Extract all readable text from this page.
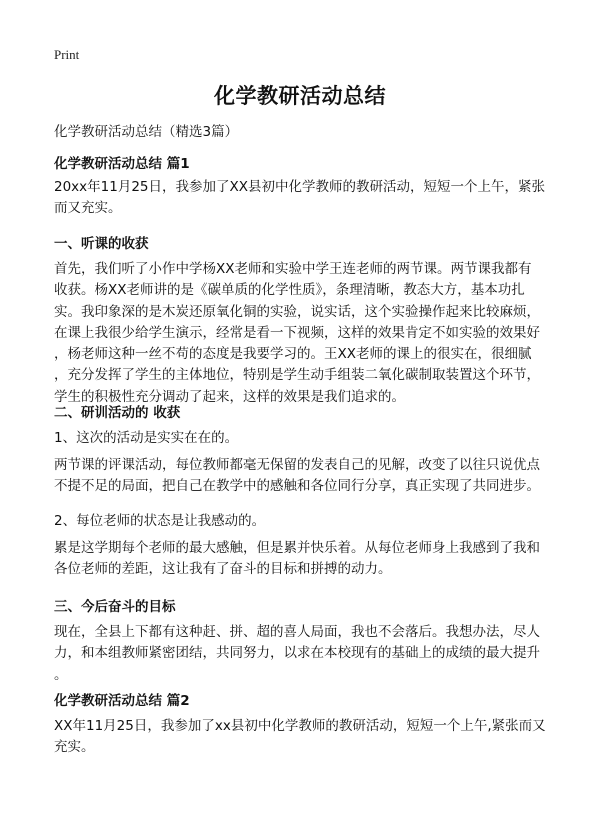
Print
化学教研活动总结
化学教研活动总结（精选3篇）
化学教研活动总结 篇1
20xx年11月25日，我参加了XX县初中化学教师的教研活动，短短一个上午，紧张
而又充实。
一、听课的收获
首先，我们听了小作中学杨XX老师和实验中学王连老师的两节课。两节课我都有
收获。杨XX老师讲的是《碳单质的化学性质》，条理清晰，教态大方，基本功扎
实。我印象深的是木炭还原氧化铜的实验，说实话，这个实验操作起来比较麻烦，
在课上我很少给学生演示，经常是看一下视频，这样的效果肯定不如实验的效果好
，杨老师这种一丝不苟的态度是我要学习的。王XX老师的课上的很实在，很细腻
，充分发挥了学生的主体地位，特别是学生动手组装二氧化碳制取装置这个环节，
学生的积极性充分调动了起来，这样的效果是我们追求的。
二、研训活动的 收获
1、这次的活动是实实在在的。
两节课的评课活动，每位教师都毫无保留的发表自己的见解，改变了以往只说优点
不提不足的局面，把自己在教学中的感触和各位同行分享，真正实现了共同进步。
2、每位老师的状态是让我感动的。
累是这学期每个老师的最大感触，但是累并快乐着。从每位老师身上我感到了我和
各位老师的差距，这让我有了奋斗的目标和拼搏的动力。
三、今后奋斗的目标
现在，全县上下都有这种赶、拼、超的喜人局面，我也不会落后。我想办法，尽人
力，和本组教师紧密团结，共同努力，以求在本校现有的基础上的成绩的最大提升
。
化学教研活动总结 篇2
XX年11月25日，我参加了xx县初中化学教师的教研活动，短短一个上午,紧张而又
充实。
